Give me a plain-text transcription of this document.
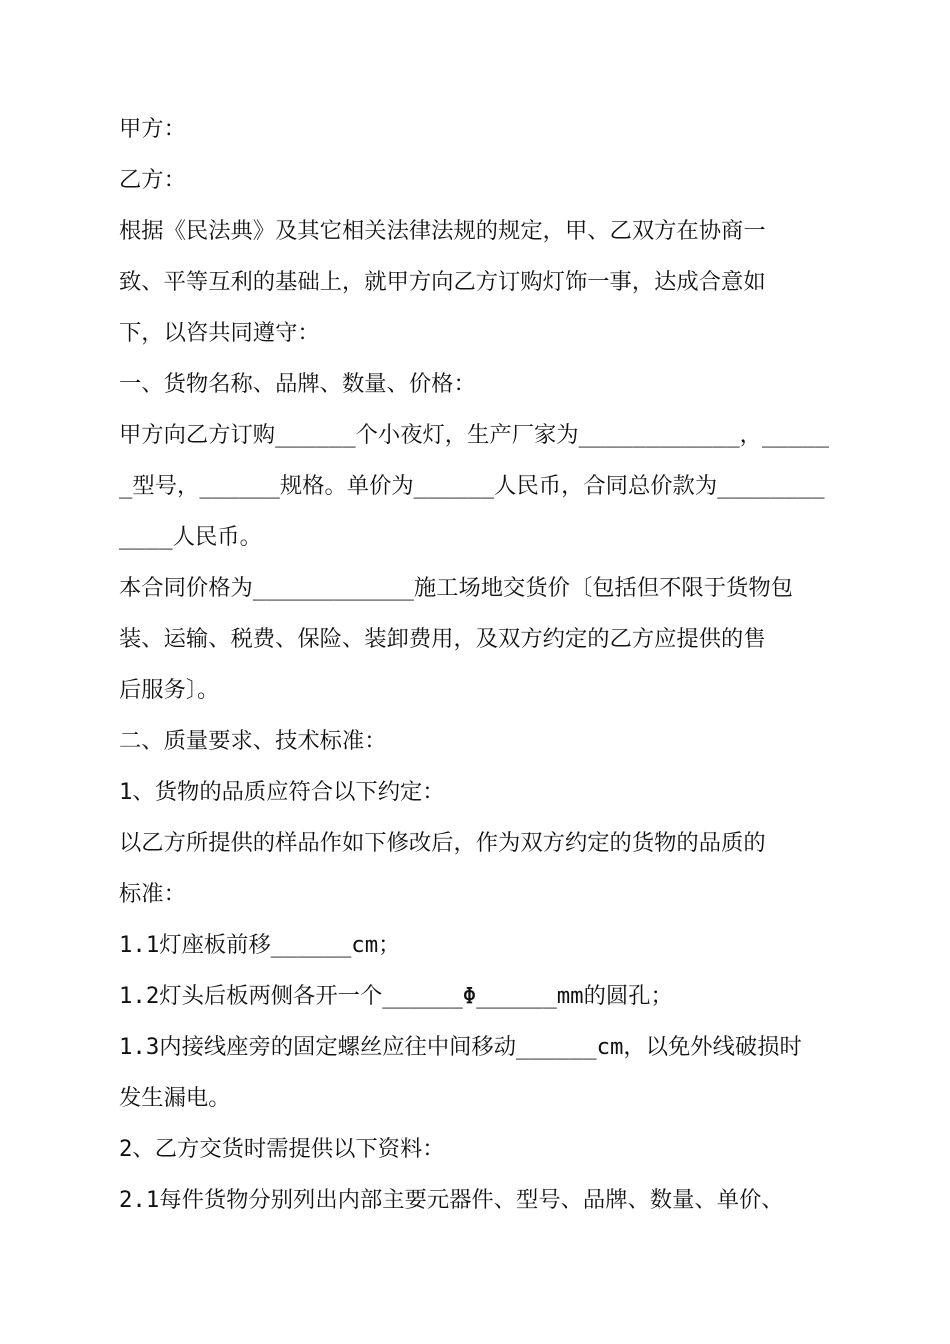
甲方：
乙方：
根据《民法典》及其它相关法律法规的规定，甲、乙双方在协商一
致、平等互利的基础上，就甲方向乙方订购灯饰一事，达成合意如
下，以咨共同遵守：
一、货物名称、品牌、数量、价格：
甲方向乙方订购______个小夜灯，生产厂家为____________，_____
_型号，______规格。单价为______人民币，合同总价款为________
____人民币。
本合同价格为____________施工场地交货价〔包括但不限于货物包
装、运输、税费、保险、装卸费用，及双方约定的乙方应提供的售
后服务〕。
二、质量要求、技术标准：
1、货物的品质应符合以下约定：
以乙方所提供的样品作如下修改后，作为双方约定的货物的品质的
标准：
1.1灯座板前移______cm；
1.2灯头后板两侧各开一个______Φ______mm的圆孔；
1.3内接线座旁的固定螺丝应往中间移动______cm，以免外线破损时
发生漏电。
2、乙方交货时需提供以下资料：
2.1每件货物分别列出内部主要元器件、型号、品牌、数量、单价、
